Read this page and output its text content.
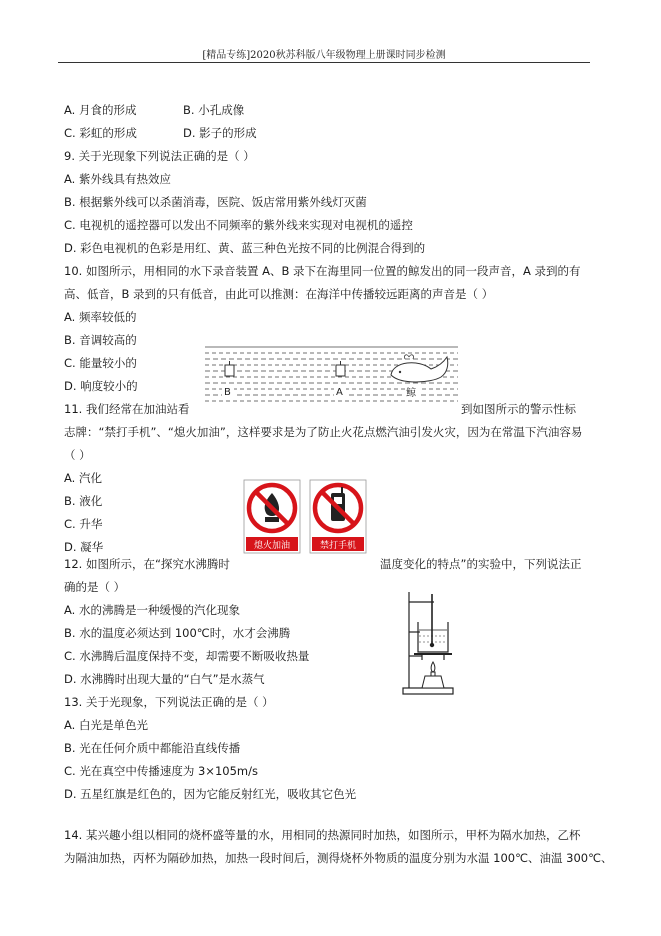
[精品专练]2020秋苏科版八年级物理上册课时同步检测
A. 月食的形成	B. 小孔成像
C. 彩虹的形成	D. 影子的形成
9. 关于光现象下列说法正确的是（ ）
A. 紫外线具有热效应
B. 根据紫外线可以杀菌消毒，医院、饭店常用紫外线灯灭菌
C. 电视机的遥控器可以发出不同频率的紫外线来实现对电视机的遥控
D. 彩色电视机的色彩是用红、黄、蓝三种色光按不同的比例混合得到的
10. 如图所示，用相同的水下录音装置 A、B 录下在海里同一位置的鲸发出的同一段声音，A 录到的有
高、低音，B 录到的只有低音，由此可以推测：在海洋中传播较远距离的声音是（ ）
A. 频率较低的
B. 音调较高的
C. 能量较小的
D. 响度较小的	B	A	鲸
11. 我们经常在加油站看	到如图所示的警示性标
志牌：“禁打手机”、“熄火加油”，这样要求是为了防止火花点燃汽油引发火灾，因为在常温下汽油容易
（ ）
A. 汽化
B. 液化
C. 升华
D. 凝华	熄火加油	禁打手机
12. 如图所示，在“探究水沸腾时	温度变化的特点”的实验中，下列说法正
确的是（ ）
A. 水的沸腾是一种缓慢的汽化现象
B. 水的温度必须达到 100℃时，水才会沸腾
C. 水沸腾后温度保持不变，却需要不断吸收热量
D. 水沸腾时出现大量的“白气”是水蒸气
13. 关于光现象，下列说法正确的是（ ）
A. 白光是单色光
B. 光在任何介质中都能沿直线传播
C. 光在真空中传播速度为 3×105m/s
D. 五星红旗是红色的，因为它能反射红光，吸收其它色光
14. 某兴趣小组以相同的烧杯盛等量的水，用相同的热源同时加热，如图所示，甲杯为隔水加热，乙杯
为隔油加热，丙杯为隔砂加热，加热一段时间后，测得烧杯外物质的温度分别为水温 100℃、油温 300℃、
